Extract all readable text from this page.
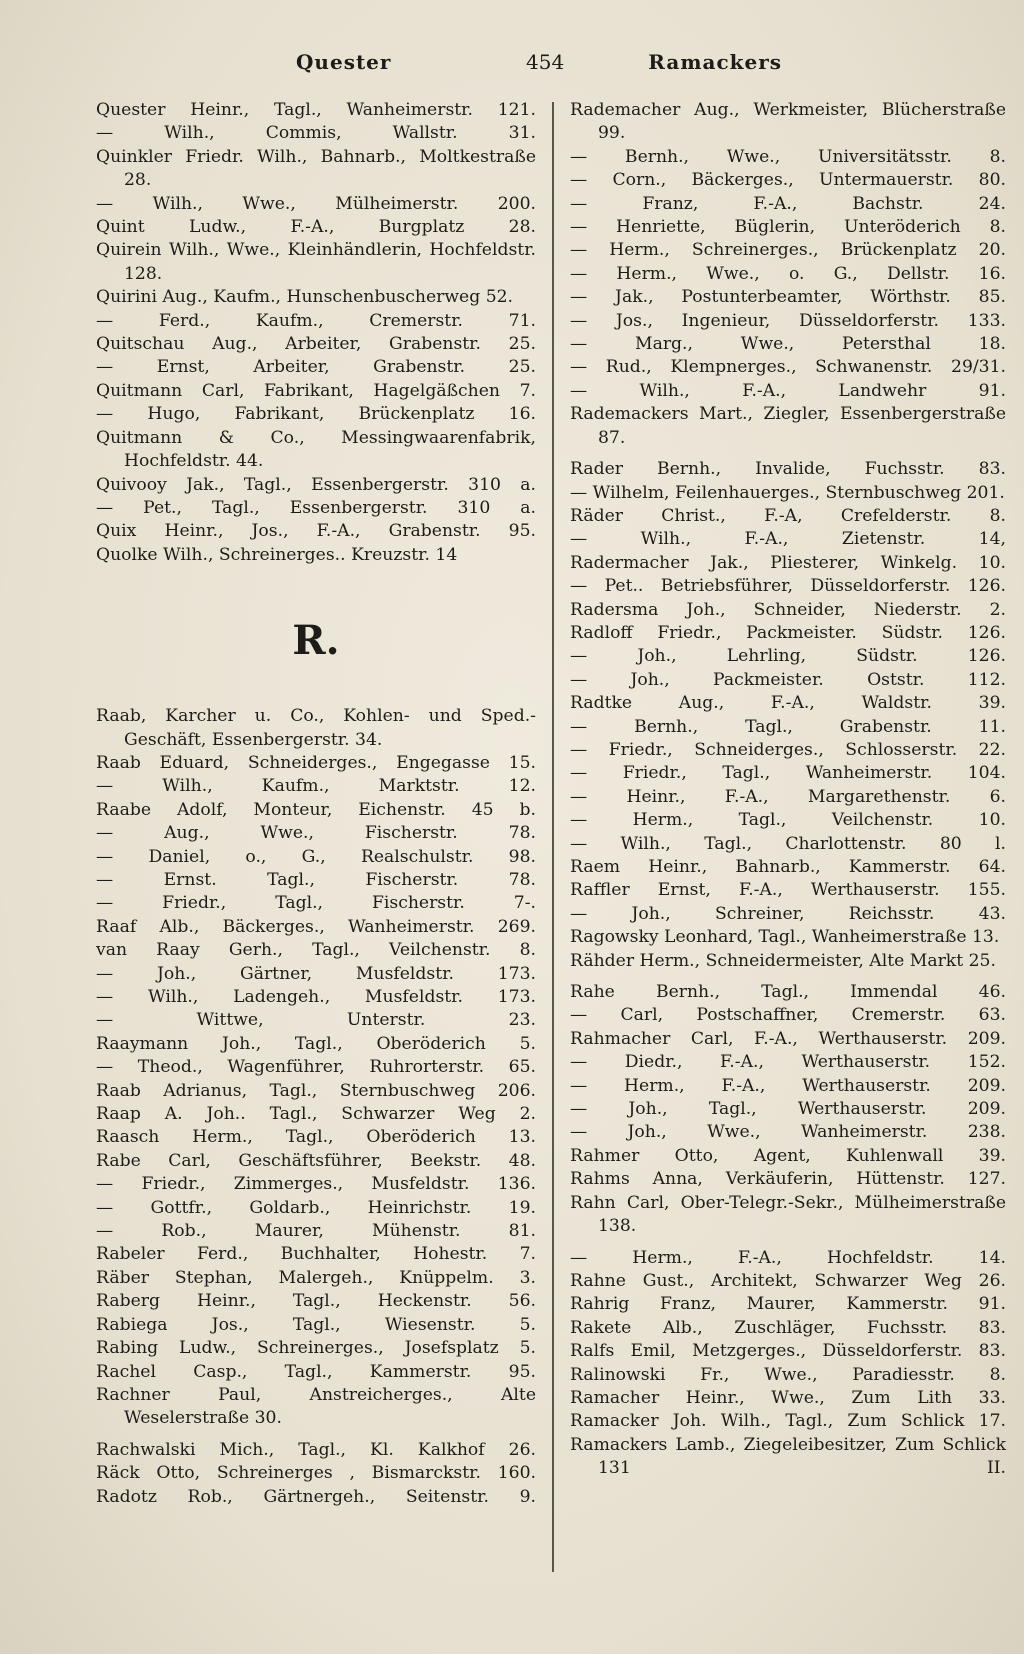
Quester	454	Ramackers
Quester Heinr., Tagl., Wanheimerstr. 121.
— Wilh., Commis, Wallstr. 31.
Quinkler Friedr. Wilh., Bahnarb., Moltkestraße 28.
— Wilh., Wwe., Mülheimerstr. 200.
Quint Ludw., F.-A., Burgplatz 28.
Quirein Wilh., Wwe., Kleinhändlerin, Hochfeldstr. 128.
Quirini Aug., Kaufm., Hunschenbuscherweg 52.
— Ferd., Kaufm., Cremerstr. 71.
Quitschau Aug., Arbeiter, Grabenstr. 25.
— Ernst, Arbeiter, Grabenstr. 25.
Quitmann Carl, Fabrikant, Hagelgäßchen 7.
— Hugo, Fabrikant, Brückenplatz 16.
Quitmann & Co., Messingwaarenfabrik, Hochfeldstr. 44.
Quivooy Jak., Tagl., Essenbergerstr. 310 a.
— Pet., Tagl., Essenbergerstr. 310 a.
Quix Heinr., Jos., F.-A., Grabenstr. 95.
Quolke Wilh., Schreinerges.. Kreuzstr. 14
R.
Raab, Karcher u. Co., Kohlen- und Sped.-Geschäft, Essenbergerstr. 34.
Raab Eduard, Schneiderges., Engegasse 15.
— Wilh., Kaufm., Marktstr. 12.
Raabe Adolf, Monteur, Eichenstr. 45 b.
— Aug., Wwe., Fischerstr. 78.
— Daniel, o., G., Realschulstr. 98.
— Ernst. Tagl., Fischerstr. 78.
— Friedr., Tagl., Fischerstr. 7-.
Raaf Alb., Bäckerges., Wanheimerstr. 269.
van Raay Gerh., Tagl., Veilchenstr. 8.
— Joh., Gärtner, Musfeldstr. 173.
— Wilh., Ladengeh., Musfeldstr. 173.
— Wittwe, Unterstr. 23.
Raaymann Joh., Tagl., Oberöderich 5.
— Theod., Wagenführer, Ruhrorterstr. 65.
Raab Adrianus, Tagl., Sternbuschweg 206.
Raap A. Joh.. Tagl., Schwarzer Weg 2.
Raasch Herm., Tagl., Oberöderich 13.
Rabe Carl, Geschäftsführer, Beekstr. 48.
— Friedr., Zimmerges., Musfeldstr. 136.
— Gottfr., Goldarb., Heinrichstr. 19.
— Rob., Maurer, Mühenstr. 81.
Rabeler Ferd., Buchhalter, Hohestr. 7.
Räber Stephan, Malergeh., Knüppelm. 3.
Raberg Heinr., Tagl., Heckenstr. 56.
Rabiega Jos., Tagl., Wiesenstr. 5.
Rabing Ludw., Schreinerges., Josefsplatz 5.
Rachel Casp., Tagl., Kammerstr. 95.
Rachner Paul, Anstreicherges., Alte Weselerstraße 30.
Rachwalski Mich., Tagl., Kl. Kalkhof 26.
Räck Otto, Schreinerges , Bismarckstr. 160.
Radotz Rob., Gärtnergeh., Seitenstr. 9.
Rademacher Aug., Werkmeister, Blücherstraße 99.
— Bernh., Wwe., Universitätsstr. 8.
— Corn., Bäckerges., Untermauerstr. 80.
— Franz, F.-A., Bachstr. 24.
— Henriette, Büglerin, Unteröderich 8.
— Herm., Schreinerges., Brückenplatz 20.
— Herm., Wwe., o. G., Dellstr. 16.
— Jak., Postunterbeamter, Wörthstr. 85.
— Jos., Ingenieur, Düsseldorferstr. 133.
— Marg., Wwe., Petersthal 18.
— Rud., Klempnerges., Schwanenstr. 29/31.
— Wilh., F.-A., Landwehr 91.
Rademackers Mart., Ziegler, Essenbergerstraße 87.
Rader Bernh., Invalide, Fuchsstr. 83.
— Wilhelm, Feilenhauerges., Sternbuschweg 201.
Räder Christ., F.-A, Crefelderstr. 8.
— Wilh., F.-A., Zietenstr. 14,
Radermacher Jak., Pliesterer, Winkelg. 10.
— Pet.. Betriebsführer, Düsseldorferstr. 126.
Radersma Joh., Schneider, Niederstr. 2.
Radloff Friedr., Packmeister. Südstr. 126.
— Joh., Lehrling, Südstr. 126.
— Joh., Packmeister. Oststr. 112.
Radtke Aug., F.-A., Waldstr. 39.
— Bernh., Tagl., Grabenstr. 11.
— Friedr., Schneiderges., Schlosserstr. 22.
— Friedr., Tagl., Wanheimerstr. 104.
— Heinr., F.-A., Margarethenstr. 6.
— Herm., Tagl., Veilchenstr. 10.
— Wilh., Tagl., Charlottenstr. 80 l.
Raem Heinr., Bahnarb., Kammerstr. 64.
Raffler Ernst, F.-A., Werthauserstr. 155.
— Joh., Schreiner, Reichsstr. 43.
Ragowsky Leonhard, Tagl., Wanheimerstraße 13.
Rähder Herm., Schneidermeister, Alte Markt 25.
Rahe Bernh., Tagl., Immendal 46.
— Carl, Postschaffner, Cremerstr. 63.
Rahmacher Carl, F.-A., Werthauserstr. 209.
— Diedr., F.-A., Werthauserstr. 152.
— Herm., F.-A., Werthauserstr. 209.
— Joh., Tagl., Werthauserstr. 209.
— Joh., Wwe., Wanheimerstr. 238.
Rahmer Otto, Agent, Kuhlenwall 39.
Rahms Anna, Verkäuferin, Hüttenstr. 127.
Rahn Carl, Ober-Telegr.-Sekr., Mülheimerstraße 138.
— Herm., F.-A., Hochfeldstr. 14.
Rahne Gust., Architekt, Schwarzer Weg 26.
Rahrig Franz, Maurer, Kammerstr. 91.
Rakete Alb., Zuschläger, Fuchsstr. 83.
Ralfs Emil, Metzgerges., Düsseldorferstr. 83.
Ralinowski Fr., Wwe., Paradiesstr. 8.
Ramacher Heinr., Wwe., Zum Lith 33.
Ramacker Joh. Wilh., Tagl., Zum Schlick 17.
Ramackers Lamb., Ziegeleibesitzer, Zum Schlick 131 II.
